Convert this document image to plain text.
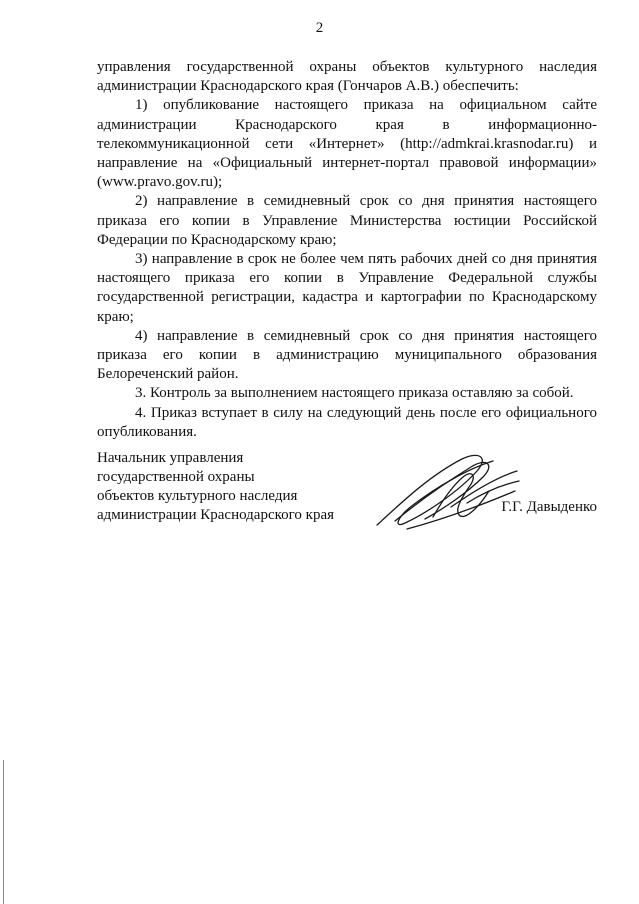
2

управления государственной охраны объектов культурного наследия администрации Краснодарского края (Гончаров А.В.) обеспечить:

1) опубликование настоящего приказа на официальном сайте администрации Краснодарского края в информационно-телекоммуникационной сети «Интернет» (http://admkrai.krasnodar.ru) и направление на «Официальный интернет-портал правовой информации» (www.pravo.gov.ru);

2) направление в семидневный срок со дня принятия настоящего приказа его копии в Управление Министерства юстиции Российской Федерации по Краснодарскому краю;

3) направление в срок не более чем пять рабочих дней со дня принятия настоящего приказа его копии в Управление Федеральной службы государственной регистрации, кадастра и картографии по Краснодарскому краю;

4) направление в семидневный срок со дня принятия настоящего приказа его копии в администрацию муниципального образования Белореченский район.

3. Контроль за выполнением настоящего приказа оставляю за собой.

4. Приказ вступает в силу на следующий день после его официального опубликования.

Начальник управления
государственной охраны
объектов культурного наследия
администрации Краснодарского края	Г.Г. Давыденко
